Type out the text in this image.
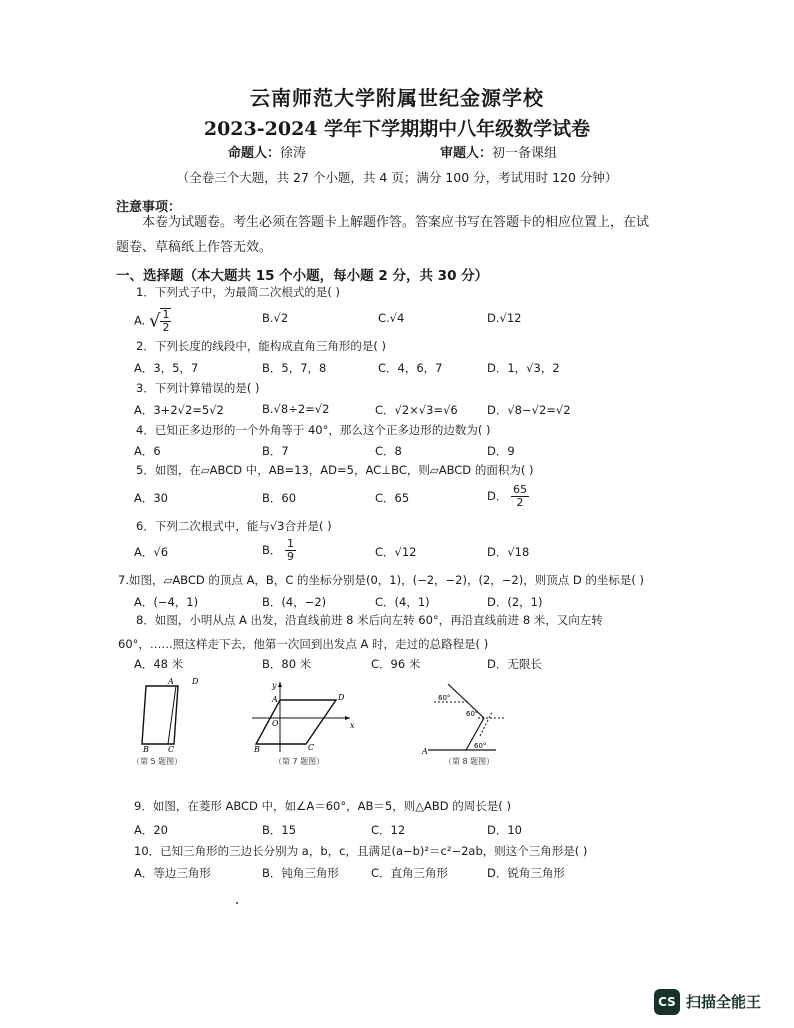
云南师范大学附属世纪金源学校
2023-2024 学年下学期期中八年级数学试卷
命题人：徐涛	审题人：初一备课组
（全卷三个大题，共 27 个小题，共 4 页；满分 100 分，考试用时 120 分钟）
注意事项：
本卷为试题卷。考生必须在答题卡上解题作答。答案应书写在答题卡的相应位置上，在试题卷、草稿纸上作答无效。
一、选择题（本大题共 15 个小题，每小题 2 分，共 30 分）
1．下列式子中，为最简二次根式的是( )
A. √ $\frac{1}{2}$	B.√2	C.√4	D.√12
2．下列长度的线段中，能构成直角三角形的是( )
A．3，5，7	B．5，7，8	C．4，6，7	D．1，√3，2
3．下列计算错误的是( )
A．3+2√2=5√2	B.√8÷2=√2	C．√2×√3=√6	D．√8−√2=√2
4．已知正多边形的一个外角等于 40°，那么这个正多边形的边数为( )
A．6	B．7	C．8	D．9
5．如图，在▱ABCD 中，AB=13，AD=5，AC⊥BC，则▱ABCD 的面积为( )
A．30	B．60	C．65	D． $\frac{65}{2}$
6．下列二次根式中，能与√3合并是( )
A．√6	B． $\frac{1}{9}$	C．√12	D．√18
7.如图，▱ABCD 的顶点 A，B，C 的坐标分别是(0，1)，(−2，−2)，(2，−2)，则顶点 D 的坐标是( )
A．(−4，1)	B．(4，−2)	C．(4，1)	D．(2，1)
8．如图，小明从点 A 出发，沿直线前进 8 米后向左转 60°，再沿直线前进 8 米，又向左转 60°，……照这样走下去，他第一次回到出发点 A 时，走过的总路程是( )
A．48 米	B．80 米	C．96 米	D．无限长
A D
B C
（第 5 题图）
y
A
O
D
x
B	C
（第 7 题图）
60°
60°
A
60°
（第 8 题图）
9．如图，在菱形 ABCD 中，如∠A＝60°，AB＝5，则△ABD 的周长是( )
A．20	B．15	C．12	D．10
10．已知三角形的三边长分别为 a，b，c，且满足(a−b)²＝c²−2ab，则这个三角形是( )
A．等边三角形	B．钝角三角形	C．直角三角形	D．锐角三角形
CS 扫描全能王
